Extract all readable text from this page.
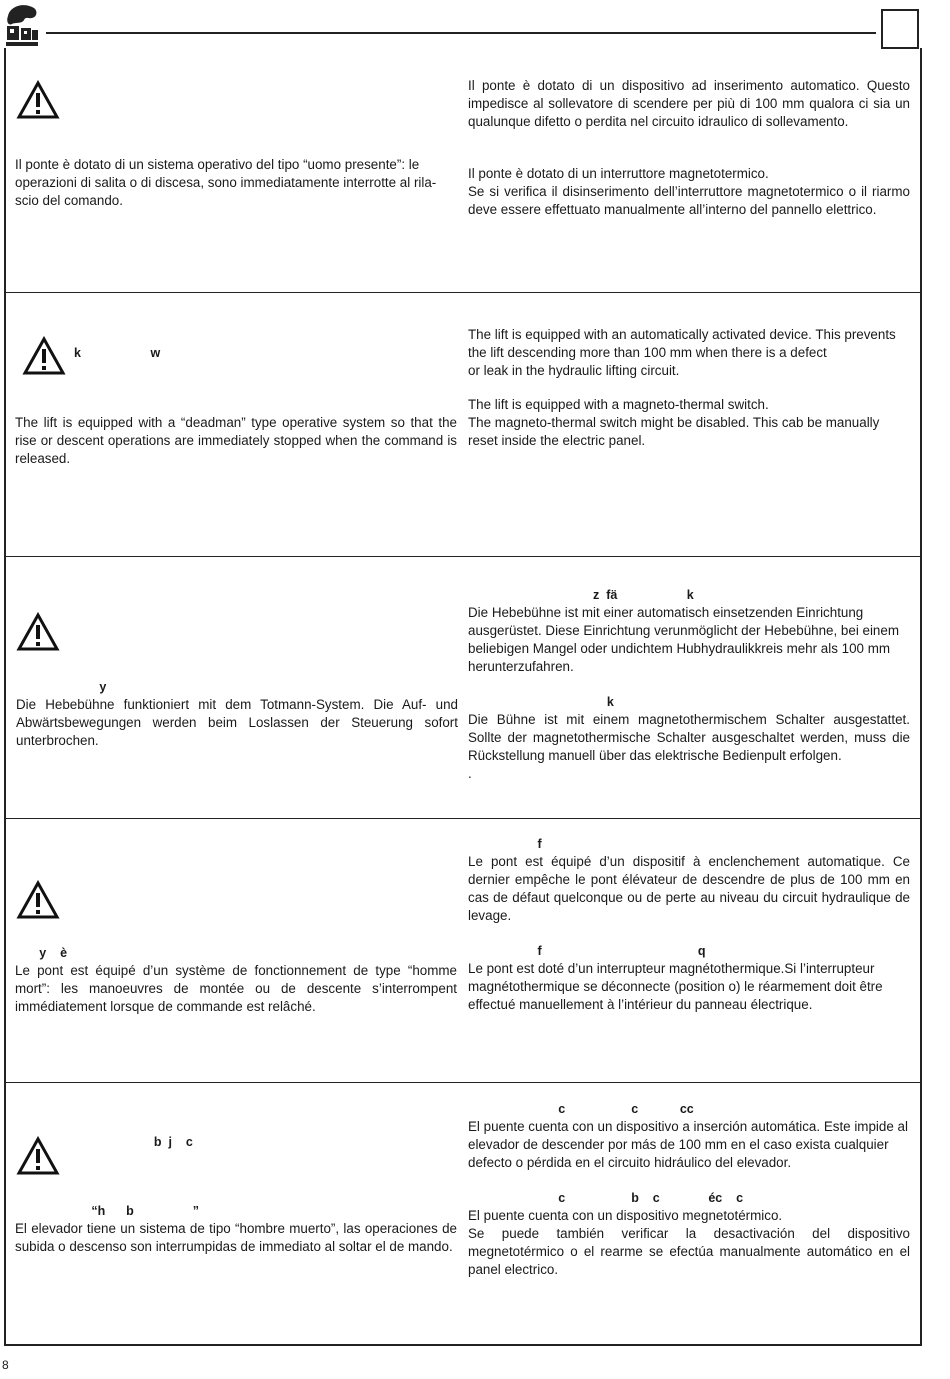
Il ponte è dotato di un sistema operativo del tipo “uomo presente”: le
operazioni di salita o di discesa, sono immediatamente interrotte al rila-
scio del comando.

Il ponte è dotato di un dispositivo ad inserimento automatico. Questo impedisce al sollevatore di scendere per più di 100 mm qualora ci sia un qualunque difetto o perdita nel circuito idraulico di sollevamento.

Il ponte è dotato di un interruttore magnetotermico.
Se si verifica il disinserimento dell’interruttore magnetotermico o il riarmo deve essere effettuato manualmente all’interno del pannello elettrico.

k                    w

The lift is equipped with a “deadman” type operative system so that the rise or descent operations are immediately stopped when the command is released.

The lift is equipped with an automatically activated device. This prevents
the lift descending more than 100 mm when there is a defect
or leak in the hydraulic lifting circuit.

The lift is equipped with a magneto-thermal switch.
The magneto-thermal switch might be disabled. This cab be manually reset inside the electric panel.

y

Die Hebebühne funktioniert mit dem Totmann-System. Die Auf- und Abwärtsbewegungen werden beim Loslassen der Steuerung sofort unterbrochen.

z  fä                    k

Die Hebebühne ist mit einer automatisch einsetzenden Einrichtung ausgerüstet. Diese Einrichtung verunmöglicht der Hebebühne, bei einem beliebigen Mangel oder undichtem Hubhydraulikkreis mehr als 100 mm herunterzufahren.

k

Die Bühne ist mit einem magnetothermischem Schalter ausgestattet. Sollte der magnetothermische Schalter ausgeschaltet werden, muss die Rückstellung manuell über das elektrische Bedienpult erfolgen.
.

y    è

Le pont est équipé d’un système de fonctionnement de type “homme mort”: les manoeuvres de montée ou de descente s’interrompent immédiatement lorsque de commande est relâché.

f

Le pont est équipé d’un dispositif à enclenchement automatique. Ce dernier empêche le pont élévateur de descendre de plus de 100 mm en cas de défaut quelconque ou de perte au niveau du circuit hydraulique de levage.

f                                             q

Le pont est doté d’un interrupteur magnétothermique.Si l’interrupteur magnétothermique se déconnecte (position o) le réarmement doit être effectué manuellement à l’intérieur du panneau électrique.

b  j    c

“h      b                 ”

El elevador tiene un sistema de tipo “hombre muerto”, las operaciones de subida o descenso son interrumpidas de immediato al soltar el de mando.

c                   c            cc

El puente cuenta con un dispositivo a inserción automática. Este impide al elevador de descender por más de 100 mm en el caso exista cualquier defecto o pérdida en el circuito hidráulico del elevador.

c                   b    c              éc    c

El puente cuenta con un dispositivo megnetotérmico.
Se puede también verificar la desactivación del dispositivo megnetotérmico o el rearme se efectúa manualmente automático en el panel electrico.

8
